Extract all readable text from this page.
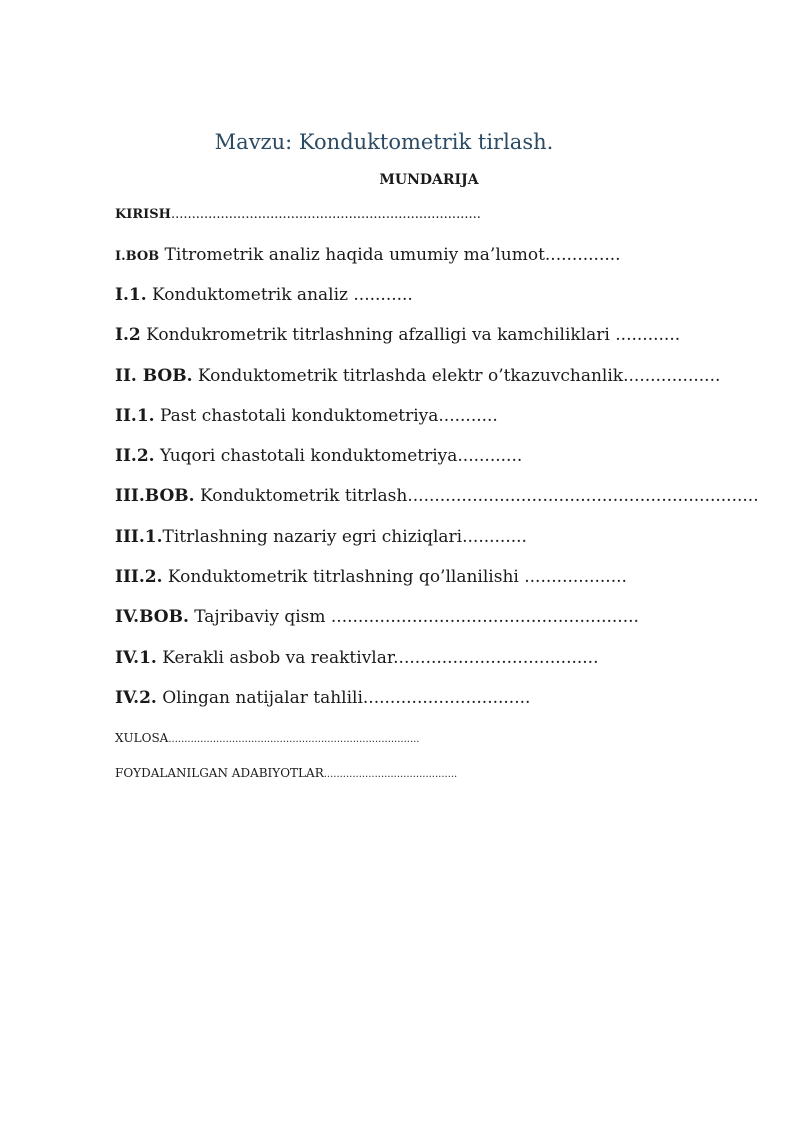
Mavzu: Konduktometrik tirlash.
MUNDARIJA
KIRISH...........................................................................
I.BOB Titrometrik analiz haqida umumiy ma’lumot..............
I.1. Konduktometrik analiz ...........
I.2 Kondukrometrik titrlashning afzalligi va kamchiliklari ............
II. BOB. Konduktometrik titrlashda elektr o’tkazuvchanlik..................
II.1. Past chastotali konduktometriya...........
II.2. Yuqori chastotali konduktometriya............
III.BOB. Konduktometrik titrlash.................................................................
III.1.Titrlashning nazariy egri chiziqlari............
III.2. Konduktometrik titrlashning qo’llanilishi ...................
IV.BOB. Tajribaviy qism .........................................................
IV.1. Kerakli asbob va reaktivlar......................................
IV.2. Olingan natijalar tahlili...............................
XULOSA...............................................................................
FOYDALANILGAN ADABIYOTLAR..........................................
